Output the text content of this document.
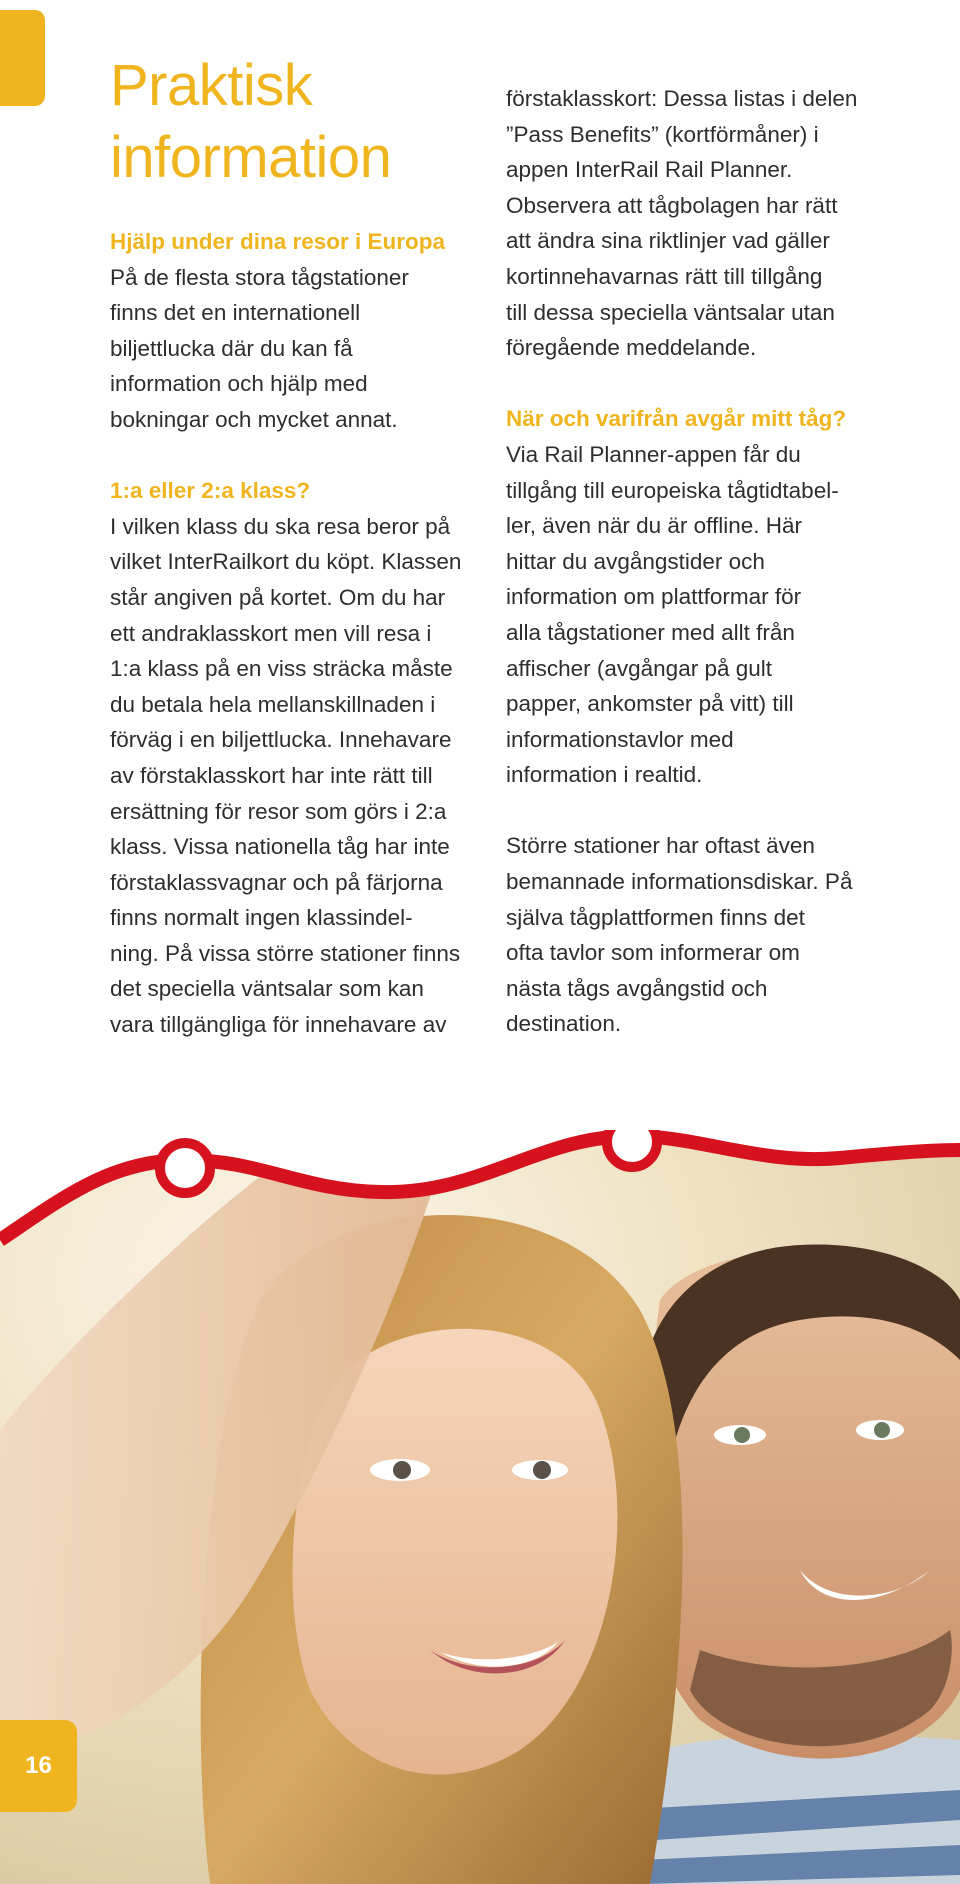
Praktisk
information

Hjälp under dina resor i Europa

På de flesta stora tågstationer
finns det en internationell
biljettlucka där du kan få
information och hjälp med
bokningar och mycket annat.

1:a eller 2:a klass?

I vilken klass du ska resa beror på
vilket InterRailkort du köpt. Klassen
står angiven på kortet. Om du har
ett andraklasskort men vill resa i
1:a klass på en viss sträcka måste
du betala hela mellanskillnaden i
förväg i en biljettlucka. Innehavare
av förstaklasskort har inte rätt till
ersättning för resor som görs i 2:a
klass. Vissa nationella tåg har inte
förstaklassvagnar och på färjorna
finns normalt ingen klassindel-
ning. På vissa större stationer finns
det speciella väntsalar som kan
vara tillgängliga för innehavare av

förstaklasskort: Dessa listas i delen
”Pass Benefits” (kortförmåner) i
appen InterRail Rail Planner.
Observera att tågbolagen har rätt
att ändra sina riktlinjer vad gäller
kortinnehavarnas rätt till tillgång
till dessa speciella väntsalar utan
föregående meddelande.

När och varifrån avgår mitt tåg?

Via Rail Planner-appen får du
tillgång till europeiska tågtidtabel-
ler, även när du är offline. Här
hittar du avgångstider och
information om plattformar för
alla tågstationer med allt från
affischer (avgångar på gult
papper, ankomster på vitt) till
informationstavlor med
information i realtid.

Större stationer har oftast även
bemannade informationsdiskar. På
själva tågplattformen finns det
ofta tavlor som informerar om
nästa tågs avgångstid och
destination.

16
